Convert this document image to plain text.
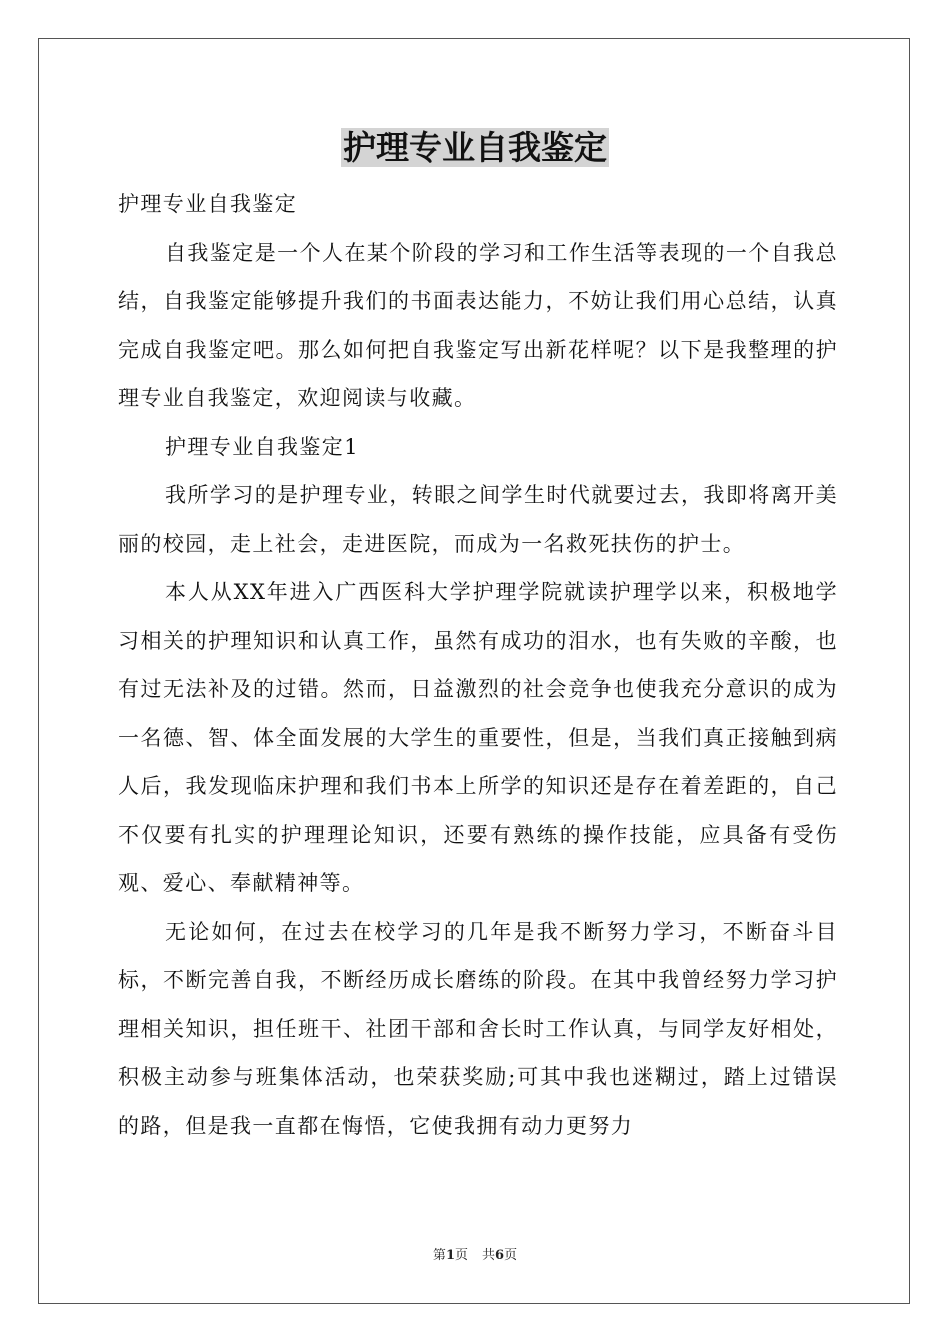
护理专业自我鉴定

护理专业自我鉴定

自我鉴定是一个人在某个阶段的学习和工作生活等表现的一个自我总结，自我鉴定能够提升我们的书面表达能力，不妨让我们用心总结，认真完成自我鉴定吧。那么如何把自我鉴定写出新花样呢？以下是我整理的护理专业自我鉴定，欢迎阅读与收藏。

护理专业自我鉴定1

我所学习的是护理专业，转眼之间学生时代就要过去，我即将离开美丽的校园，走上社会，走进医院，而成为一名救死扶伤的护士。

本人从XX年进入广西医科大学护理学院就读护理学以来，积极地学习相关的护理知识和认真工作，虽然有成功的泪水，也有失败的辛酸，也有过无法补及的过错。然而，日益激烈的社会竞争也使我充分意识的成为一名德、智、体全面发展的大学生的重要性，但是，当我们真正接触到病人后，我发现临床护理和我们书本上所学的知识还是存在着差距的，自己不仅要有扎实的护理理论知识，还要有熟练的操作技能，应具备有受伤观、爱心、奉献精神等。

无论如何，在过去在校学习的几年是我不断努力学习，不断奋斗目标，不断完善自我，不断经历成长磨练的阶段。在其中我曾经努力学习护理相关知识，担任班干、社团干部和舍长时工作认真，与同学友好相处，积极主动参与班集体活动，也荣获奖励;可其中我也迷糊过，踏上过错误的路，但是我一直都在悔悟，它使我拥有动力更努力

第1页 共6页
